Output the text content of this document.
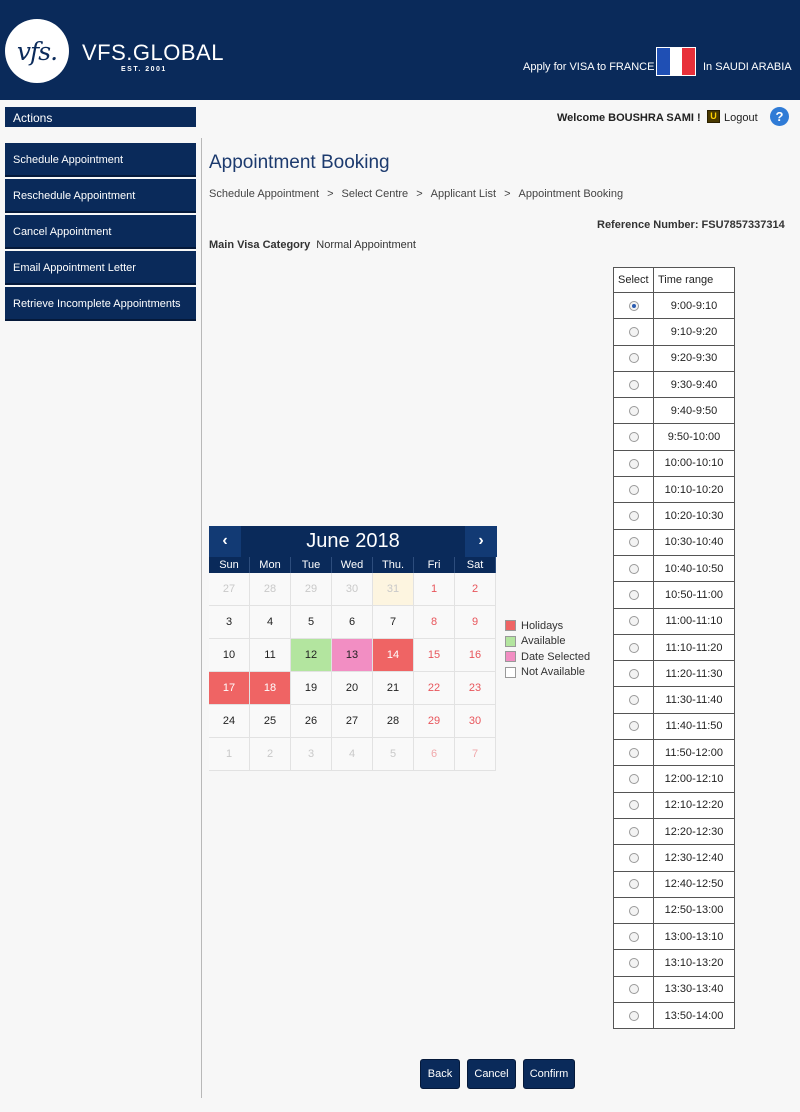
vfs. VFS.GLOBAL
EST. 2001	Apply for VISA to FRANCE	In SAUDI ARABIA
Actions
Schedule Appointment
Reschedule Appointment
Cancel Appointment
Email Appointment Letter
Retrieve Incomplete Appointments
Welcome BOUSHRA SAMI !	U Logout	?
Appointment Booking
Schedule Appointment > Select Centre > Applicant List > Appointment Booking
Reference Number: FSU7857337314
Main Visa Category Normal Appointment
‹	June 2018	›
Sun	Mon	Tue	Wed	Thu.	Fri	Sat
27	28	29	30	31	1	2
3	4	5	6	7	8	9
10	11	12	13	14	15	16
17	18	19	20	21	22	23
24	25	26	27	28	29	30
1	2	3	4	5	6	7
Holidays
Available
Date Selected
Not Available
Select	Time range
	9:00-9:10
	9:10-9:20
	9:20-9:30
	9:30-9:40
	9:40-9:50
	9:50-10:00
	10:00-10:10
	10:10-10:20
	10:20-10:30
	10:30-10:40
	10:40-10:50
	10:50-11:00
	11:00-11:10
	11:10-11:20
	11:20-11:30
	11:30-11:40
	11:40-11:50
	11:50-12:00
	12:00-12:10
	12:10-12:20
	12:20-12:30
	12:30-12:40
	12:40-12:50
	12:50-13:00
	13:00-13:10
	13:10-13:20
	13:30-13:40
	13:50-14:00
Back	Cancel	Confirm
